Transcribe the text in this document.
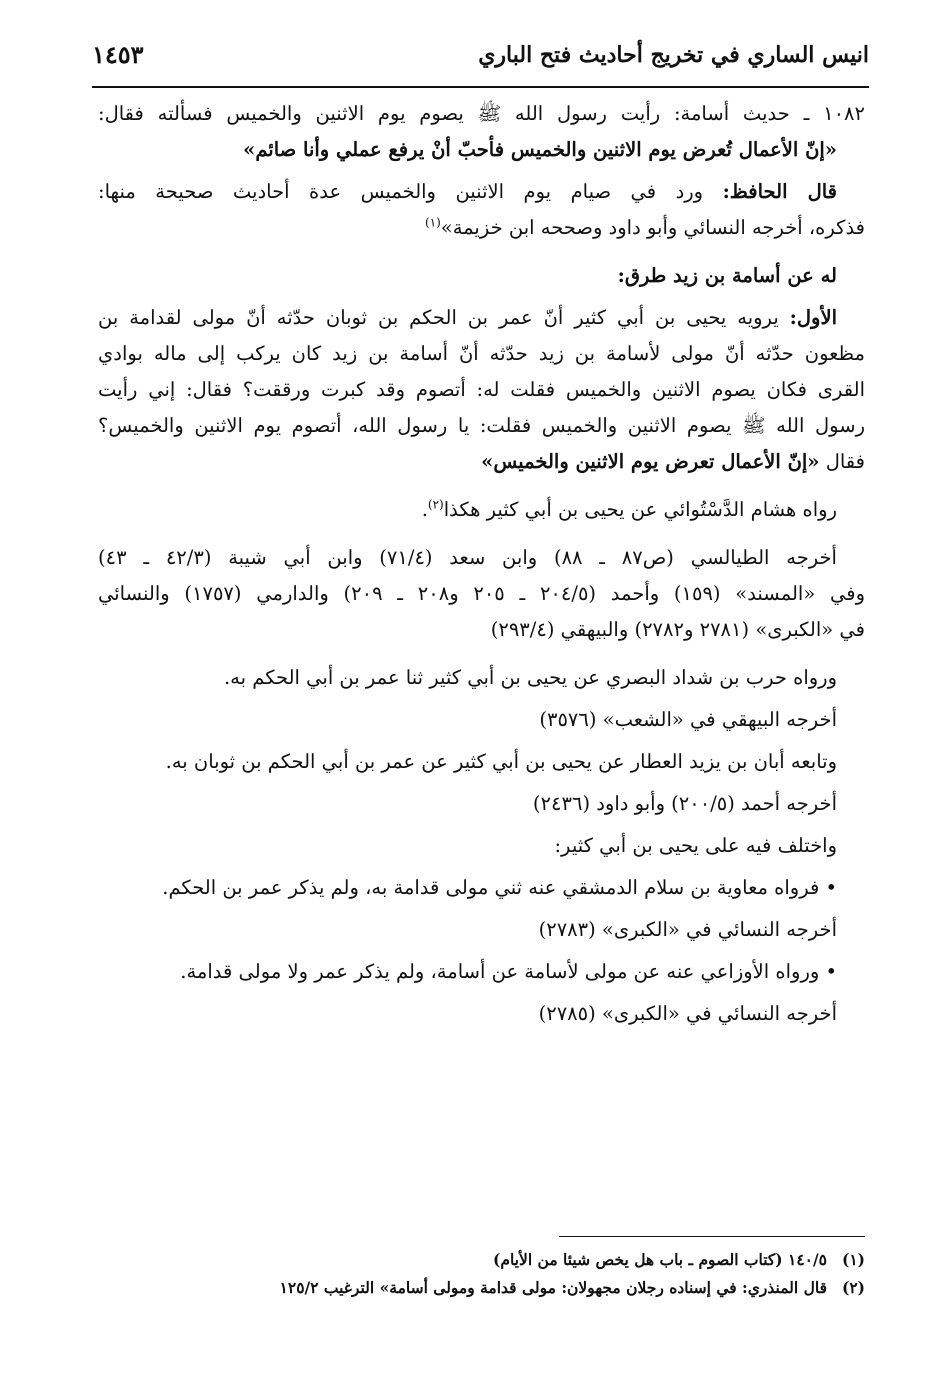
انيس الساري في تخريج أحاديث فتح الباري
١٤٥٣
١٠٨٢ ـ حديث أسامة: رأيت رسول الله ﷺ يصوم يوم الاثنين والخميس فسألته فقال:
«إنّ الأعمال تُعرض يوم الاثنين والخميس فأحبّ أنْ يرفع عملي وأنا صائم»
قال الحافظ: ورد في صيام يوم الاثنين والخميس عدة أحاديث صحيحة منها:
فذكره، أخرجه النسائي وأبو داود وصححه ابن خزيمة»$^{(١)}$
له عن أسامة بن زيد طرق:
الأول: يرويه يحيى بن أبي كثير أنّ عمر بن الحكم بن ثوبان حدّثه أنّ مولى لقدامة بن
مظعون حدّثه أنّ مولى لأسامة بن زيد حدّثه أنّ أسامة بن زيد كان يركب إلى ماله بوادي
القرى فكان يصوم الاثنين والخميس فقلت له: أتصوم وقد كبرت ورققت؟ فقال: إني رأيت
رسول الله ﷺ يصوم الاثنين والخميس فقلت: يا رسول الله، أتصوم يوم الاثنين والخميس؟
فقال «إنّ الأعمال تعرض يوم الاثنين والخميس»
رواه هشام الدَّسْتُوائي عن يحيى بن أبي كثير هكذا$^{(٢)}$.
أخرجه الطيالسي (ص٨٧ ـ ٨٨) وابن سعد (٧١/٤) وابن أبي شيبة (٤٢/٣ ـ ٤٣)
وفي «المسند» (١٥٩) وأحمد (٢٠٤/٥ ـ ٢٠٥ و٢٠٨ ـ ٢٠٩) والدارمي (١٧٥٧) والنسائي
في «الكبرى» (٢٧٨١ و٢٧٨٢) والبيهقي (٢٩٣/٤)
ورواه حرب بن شداد البصري عن يحيى بن أبي كثير ثنا عمر بن أبي الحكم به.
أخرجه البيهقي في «الشعب» (٣٥٧٦)
وتابعه أبان بن يزيد العطار عن يحيى بن أبي كثير عن عمر بن أبي الحكم بن ثوبان به.
أخرجه أحمد (٢٠٠/٥) وأبو داود (٢٤٣٦)
واختلف فيه على يحيى بن أبي كثير:
• فرواه معاوية بن سلام الدمشقي عنه ثني مولى قدامة به، ولم يذكر عمر بن الحكم.
أخرجه النسائي في «الكبرى» (٢٧٨٣)
• ورواه الأوزاعي عنه عن مولى لأسامة عن أسامة، ولم يذكر عمر ولا مولى قدامة.
أخرجه النسائي في «الكبرى» (٢٧٨٥)
(١)١٤٠/٥ (كتاب الصوم ـ باب هل يخص شيئا من الأيام)
(٢)قال المنذري: في إسناده رجلان مجهولان: مولى قدامة ومولى أسامة» الترغيب ١٢٥/٢
